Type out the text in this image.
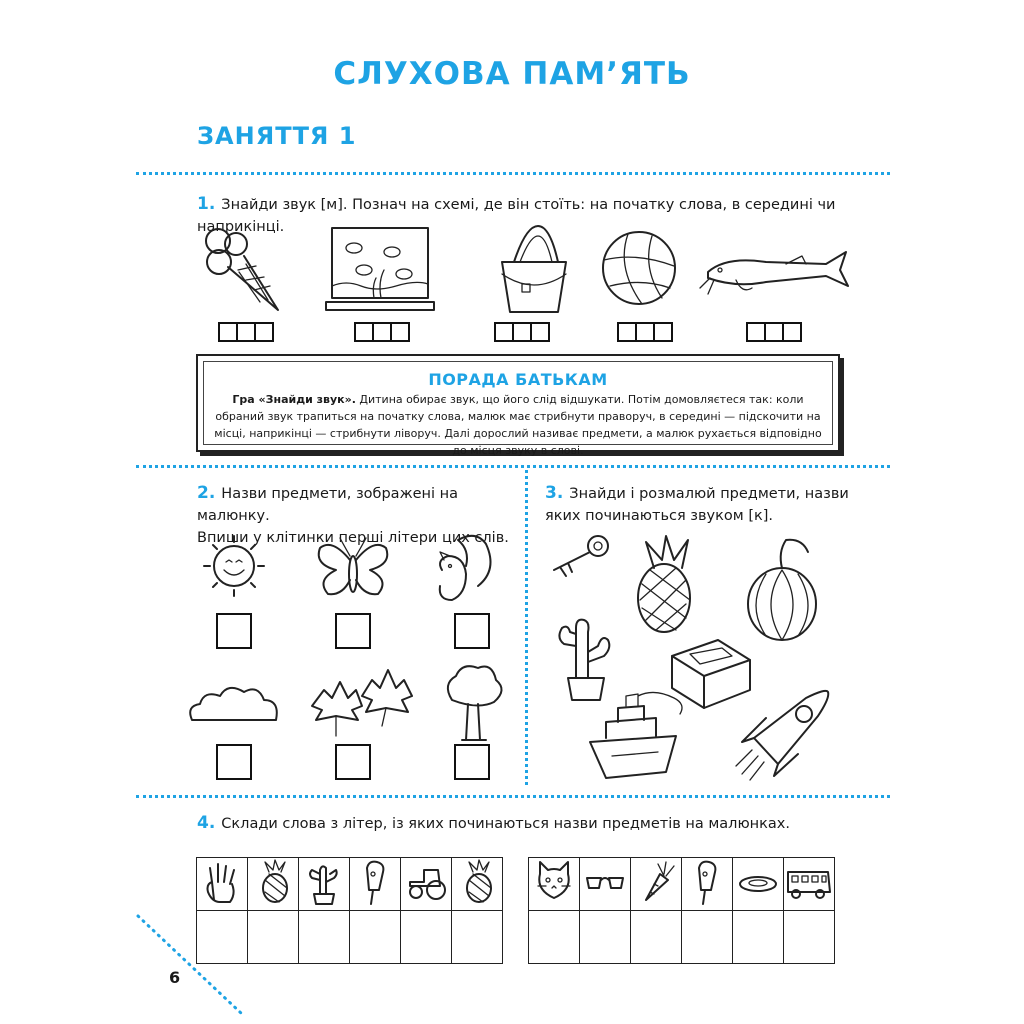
СЛУХОВА ПАМ’ЯТЬ
ЗАНЯТТЯ 1
1. Знайди звук [м]. Познач на схемі, де він стоїть: на початку слова, в середині чи наприкінці.
ПОРАДА БАТЬКАМ
Гра «Знайди звук». Дитина обирає звук, що його слід відшукати. Потім домовляєтеся так: коли обраний звук трапиться на початку слова, малюк має стрибнути праворуч, в середині — підскочити на місці, наприкінці — стрибнути ліворуч. Далі дорослий називає предмети, а малюк рухається відповідно до місця звуку в слові.
2. Назви предмети, зображені на малюнку.
Впиши у клітинки перші літери цих слів.
3. Знайди і розмалюй предмети, назви
яких починаються звуком [к].
4. Склади слова з літер, із яких починаються назви предметів на малюнках.

6
